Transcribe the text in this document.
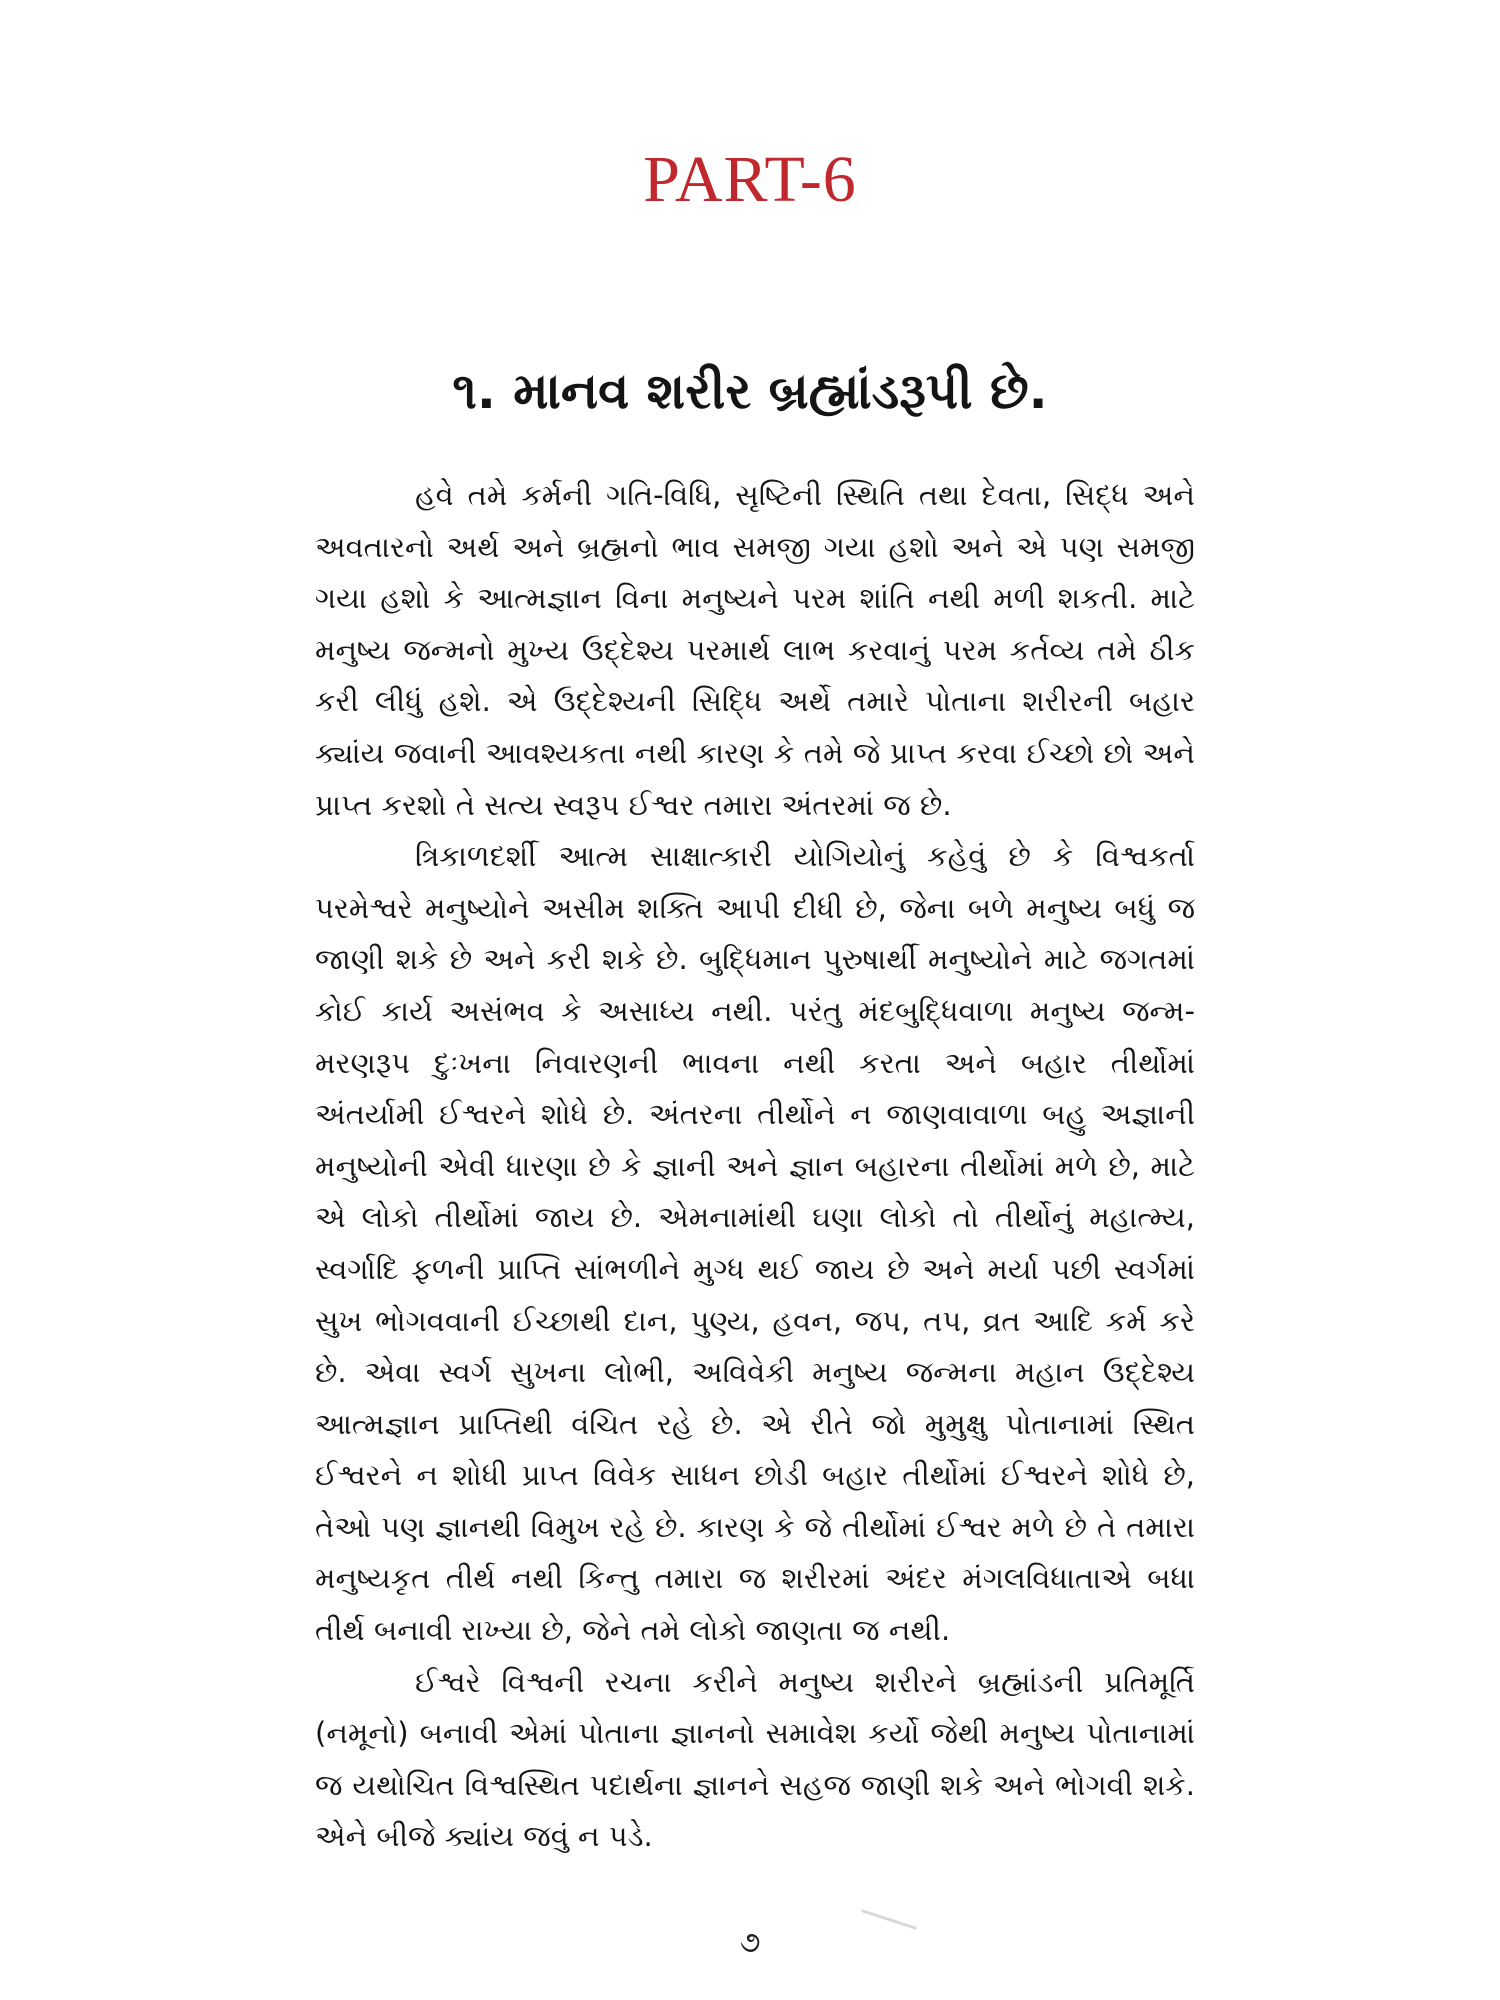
PART-6
૧. માનવ શરીર બ્રહ્માંડરૂપી છે.

હવે તમે કર્મની ગતિ-વિધિ, સૃષ્ટિની સ્થિતિ તથા દેવતા, સિદ્ધ અને અવતારનો અર્થ અને બ્રહ્મનો ભાવ સમજી ગયા હશો અને એ પણ સમજી ગયા હશો કે આત્મજ્ઞાન વિના મનુષ્યને પરમ શાંતિ નથી મળી શકતી. માટે મનુષ્ય જન્મનો મુખ્ય ઉદ્દેશ્ય પરમાર્થ લાભ કરવાનું પરમ કર્તવ્ય તમે ઠીક કરી લીધું હશે. એ ઉદ્દેશ્યની સિદ્ધિ અર્થે તમારે પોતાના શરીરની બહાર ક્યાંય જવાની આવશ્યકતા નથી કારણ કે તમે જે પ્રાપ્ત કરવા ઈચ્છો છો અને પ્રાપ્ત કરશો તે સત્ય સ્વરૂપ ઈશ્વર તમારા અંતરમાં જ છે.

ત્રિકાળદર્શી આત્મ સાક્ષાત્કારી યોગિયોનું કહેવું છે કે વિશ્વકર્તા પરમેશ્વરે મનુષ્યોને અસીમ શક્તિ આપી દીધી છે, જેના બળે મનુષ્ય બધું જ જાણી શકે છે અને કરી શકે છે. બુદ્ધિમાન પુરુષાર્થી મનુષ્યોને માટે જગતમાં કોઈ કાર્ય અસંભવ કે અસાધ્ય નથી. પરંતુ મંદબુદ્ધિવાળા મનુષ્ય જન્મ-મરણરૂપ દુઃખના નિવારણની ભાવના નથી કરતા અને બહાર તીર્થોમાં અંતર્યામી ઈશ્વરને શોધે છે. અંતરના તીર્થોને ન જાણવાવાળા બહુ અજ્ઞાની મનુષ્યોની એવી ધારણા છે કે જ્ઞાની અને જ્ઞાન બહારના તીર્થોમાં મળે છે, માટે એ લોકો તીર્થોમાં જાય છે. એમનામાંથી ઘણા લોકો તો તીર્થોનું મહાત્મ્ય, સ્વર્ગાદિ ફળની પ્રાપ્તિ સાંભળીને મુગ્ધ થઈ જાય છે અને મર્યા પછી સ્વર્ગમાં સુખ ભોગવવાની ઈચ્છાથી દાન, પુણ્ય, હવન, જપ, તપ, વ્રત આદિ કર્મ કરે છે. એવા સ્વર્ગ સુખના લોભી, અવિવેકી મનુષ્ય જન્મના મહાન ઉદ્દેશ્ય આત્મજ્ઞાન પ્રાપ્તિથી વંચિત રહે છે. એ રીતે જો મુમુક્ષુ પોતાનામાં સ્થિત ઈશ્વરને ન શોધી પ્રાપ્ત વિવેક સાધન છોડી બહાર તીર્થોમાં ઈશ્વરને શોધે છે, તેઓ પણ જ્ઞાનથી વિમુખ રહે છે. કારણ કે જે તીર્થોમાં ઈશ્વર મળે છે તે તમારા મનુષ્યકૃત તીર્થ નથી કિન્તુ તમારા જ શરીરમાં અંદર મંગલવિધાતાએ બધા તીર્થ બનાવી રાખ્યા છે, જેને તમે લોકો જાણતા જ નથી.

ઈશ્વરે વિશ્વની રચના કરીને મનુષ્ય શરીરને બ્રહ્માંડની પ્રતિમૂર્તિ (નમૂનો) બનાવી એમાં પોતાના જ્ઞાનનો સમાવેશ કર્યો જેથી મનુષ્ય પોતાનામાં જ યથોચિત વિશ્વસ્થિત પદાર્થના જ્ઞાનને સહજ જાણી શકે અને ભોગવી શકે. એને બીજે ક્યાંય જવું ન પડે.

૭
